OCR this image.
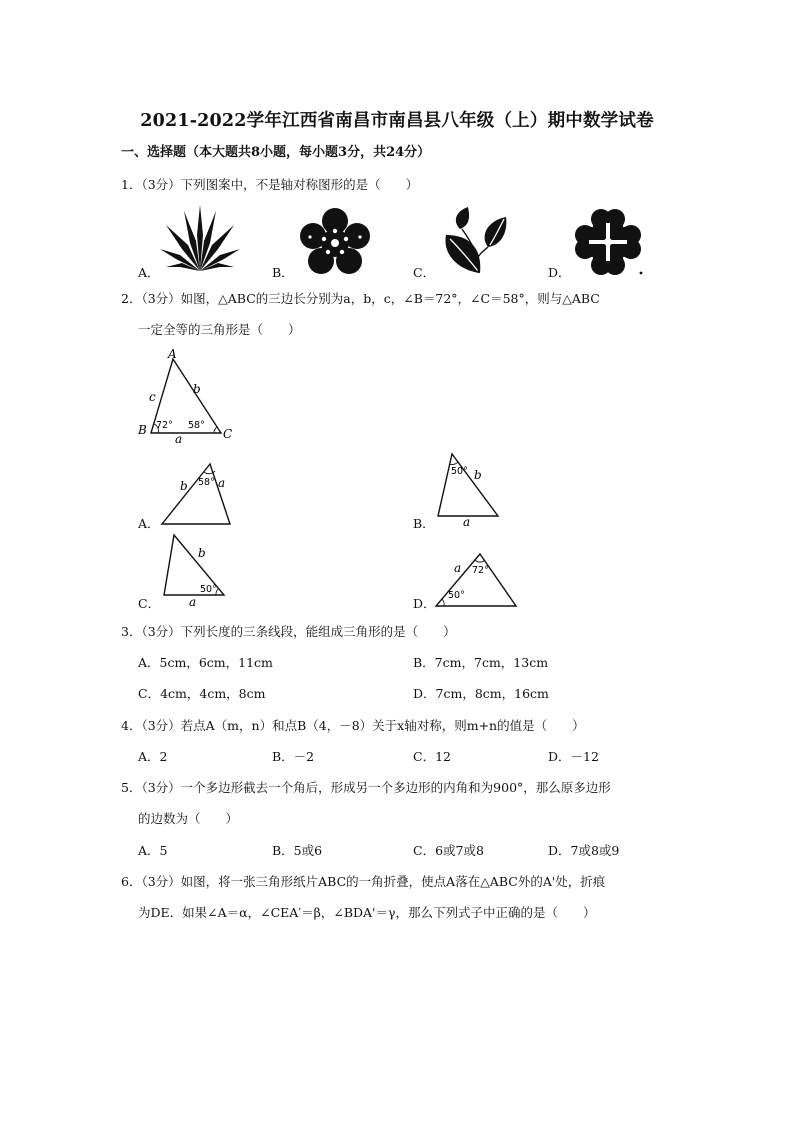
2021-2022学年江西省南昌市南昌县八年级（上）期中数学试卷
一、选择题（本大题共8小题，每小题3分，共24分）
1．（3分）下列图案中，不是轴对称图形的是（　　）
A．	B．	C．	D．
2．（3分）如图，△ABC的三边长分别为a，b，c，∠B＝72°，∠C＝58°，则与△ABC
一定全等的三角形是（　　）
A
B	C
c
b
a
72° 58°
A．
b	a
58°
B．
50° b
a
C．
b
a
50°
D．
a 72°
50°
3．（3分）下列长度的三条线段，能组成三角形的是（　　）
A．5cm，6cm，11cm	B．7cm，7cm，13cm
C．4cm，4cm，8cm	D．7cm，8cm，16cm
4．（3分）若点A（m，n）和点B（4，－8）关于x轴对称，则m+n的值是（　　）
A．2	B．－2	C．12	D．－12
5．（3分）一个多边形截去一个角后，形成另一个多边形的内角和为900°，那么原多边形
的边数为（　　）
A．5	B．5或6	C．6或7或8	D．7或8或9
6．（3分）如图，将一张三角形纸片ABC的一角折叠，使点A落在△ABC外的A'处，折痕
为DE．如果∠A＝α，∠CEA′＝β，∠BDA'＝γ，那么下列式子中正确的是（　　）
